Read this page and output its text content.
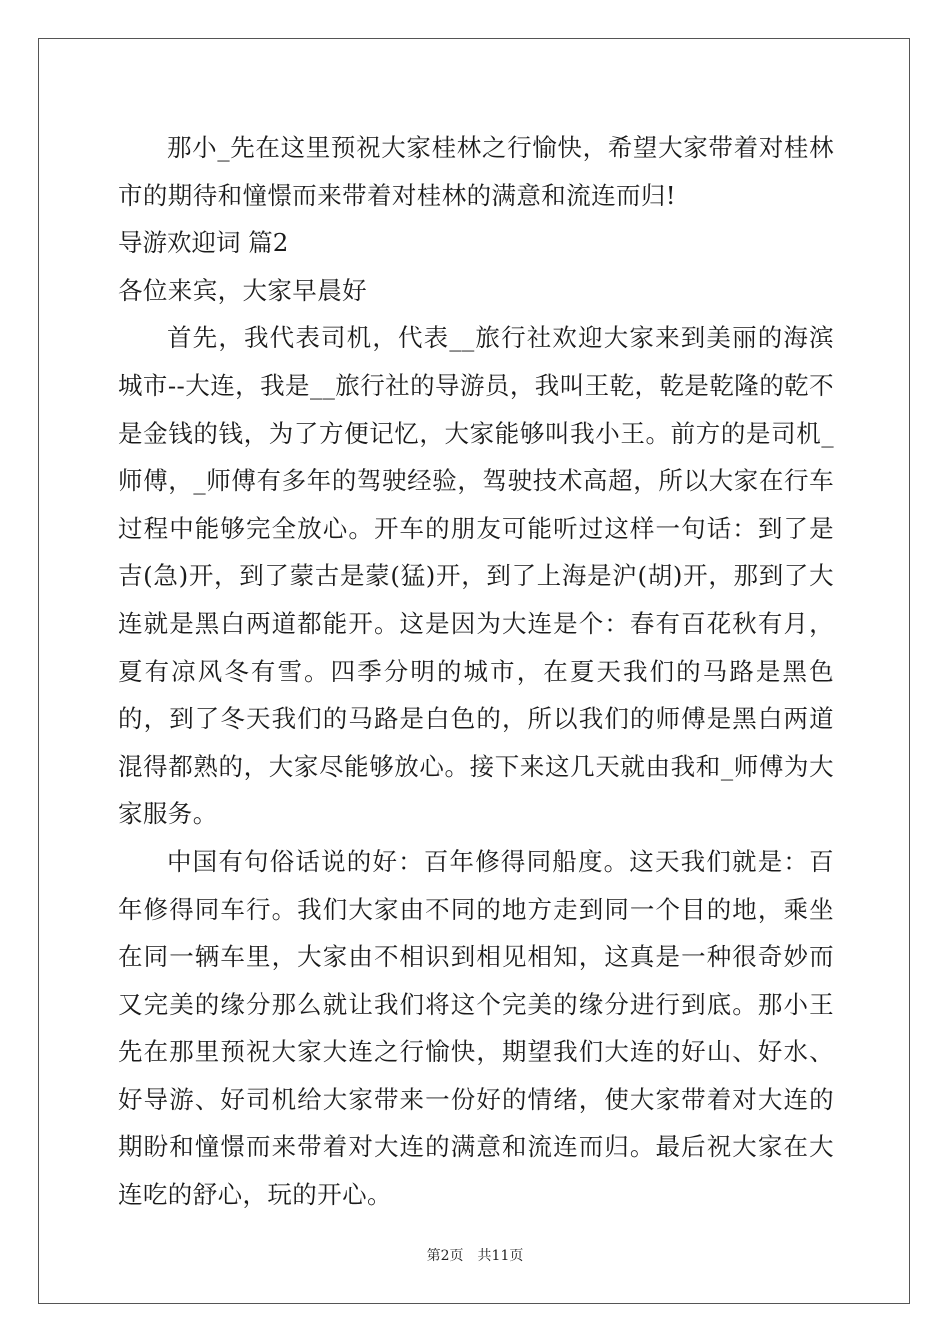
那小_先在这里预祝大家桂林之行愉快，希望大家带着对桂林市的期待和憧憬而来带着对桂林的满意和流连而归!

导游欢迎词 篇2

各位来宾，大家早晨好

首先，我代表司机，代表__旅行社欢迎大家来到美丽的海滨城市--大连，我是__旅行社的导游员，我叫王乾，乾是乾隆的乾不是金钱的钱，为了方便记忆，大家能够叫我小王。前方的是司机_师傅，_师傅有多年的驾驶经验，驾驶技术高超，所以大家在行车过程中能够完全放心。开车的朋友可能听过这样一句话：到了是吉(急)开，到了蒙古是蒙(猛)开，到了上海是沪(胡)开，那到了大连就是黑白两道都能开。这是因为大连是个：春有百花秋有月，夏有凉风冬有雪。四季分明的城市，在夏天我们的马路是黑色的，到了冬天我们的马路是白色的，所以我们的师傅是黑白两道混得都熟的，大家尽能够放心。接下来这几天就由我和_师傅为大家服务。

中国有句俗话说的好：百年修得同船度。这天我们就是：百年修得同车行。我们大家由不同的地方走到同一个目的地，乘坐在同一辆车里，大家由不相识到相见相知，这真是一种很奇妙而又完美的缘分那么就让我们将这个完美的缘分进行到底。那小王先在那里预祝大家大连之行愉快，期望我们大连的好山、好水、好导游、好司机给大家带来一份好的情绪，使大家带着对大连的期盼和憧憬而来带着对大连的满意和流连而归。最后祝大家在大连吃的舒心，玩的开心。

第2页　共11页
